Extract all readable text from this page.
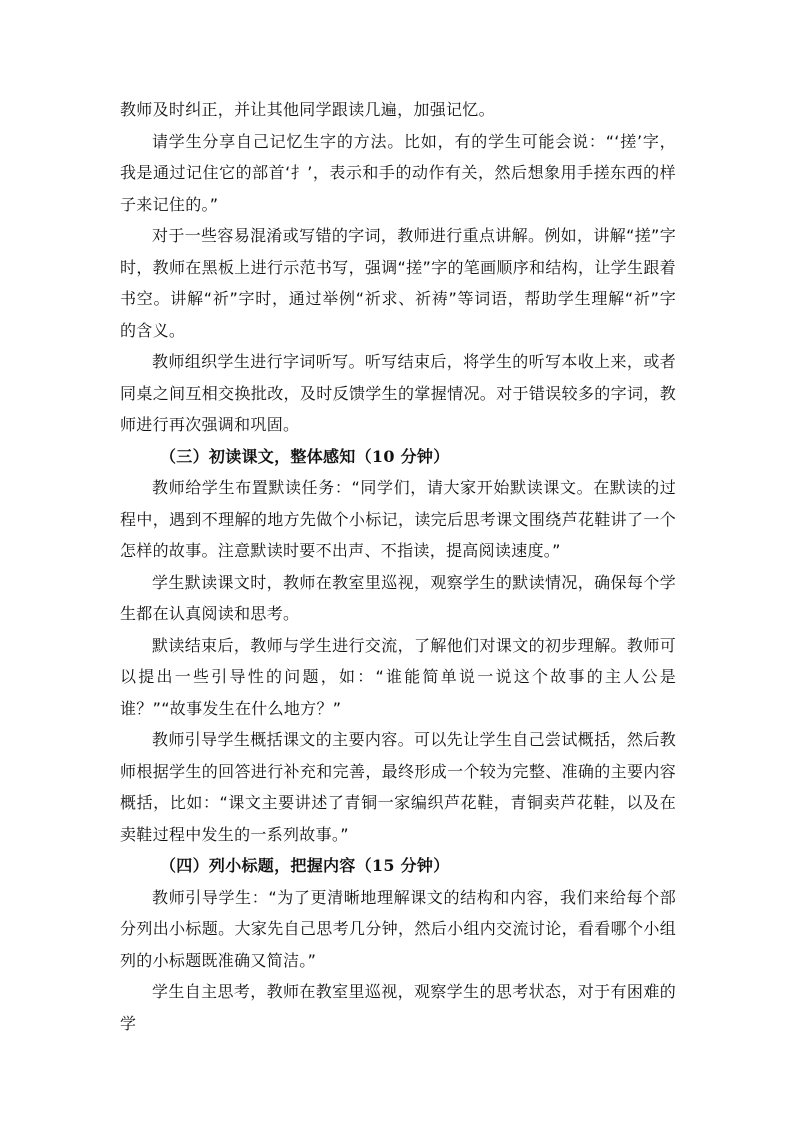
教师及时纠正，并让其他同学跟读几遍，加强记忆。

请学生分享自己记忆生字的方法。比如，有的学生可能会说：“‘搓’字，我是通过记住它的部首‘扌’，表示和手的动作有关，然后想象用手搓东西的样子来记住的。”

对于一些容易混淆或写错的字词，教师进行重点讲解。例如，讲解“搓”字时，教师在黑板上进行示范书写，强调“搓”字的笔画顺序和结构，让学生跟着书空。讲解“祈”字时，通过举例“祈求、祈祷”等词语，帮助学生理解“祈”字的含义。

教师组织学生进行字词听写。听写结束后，将学生的听写本收上来，或者同桌之间互相交换批改，及时反馈学生的掌握情况。对于错误较多的字词，教师进行再次强调和巩固。

（三）初读课文，整体感知（10 分钟）

教师给学生布置默读任务：“同学们，请大家开始默读课文。在默读的过程中，遇到不理解的地方先做个小标记，读完后思考课文围绕芦花鞋讲了一个怎样的故事。注意默读时要不出声、不指读，提高阅读速度。”

学生默读课文时，教师在教室里巡视，观察学生的默读情况，确保每个学生都在认真阅读和思考。

默读结束后，教师与学生进行交流，了解他们对课文的初步理解。教师可以提出一些引导性的问题，如：“谁能简单说一说这个故事的主人公是谁？”“故事发生在什么地方？”

教师引导学生概括课文的主要内容。可以先让学生自己尝试概括，然后教师根据学生的回答进行补充和完善，最终形成一个较为完整、准确的主要内容概括，比如：“课文主要讲述了青铜一家编织芦花鞋，青铜卖芦花鞋，以及在卖鞋过程中发生的一系列故事。”

（四）列小标题，把握内容（15 分钟）

教师引导学生：“为了更清晰地理解课文的结构和内容，我们来给每个部分列出小标题。大家先自己思考几分钟，然后小组内交流讨论，看看哪个小组列的小标题既准确又简洁。”

学生自主思考，教师在教室里巡视，观察学生的思考状态，对于有困难的学
